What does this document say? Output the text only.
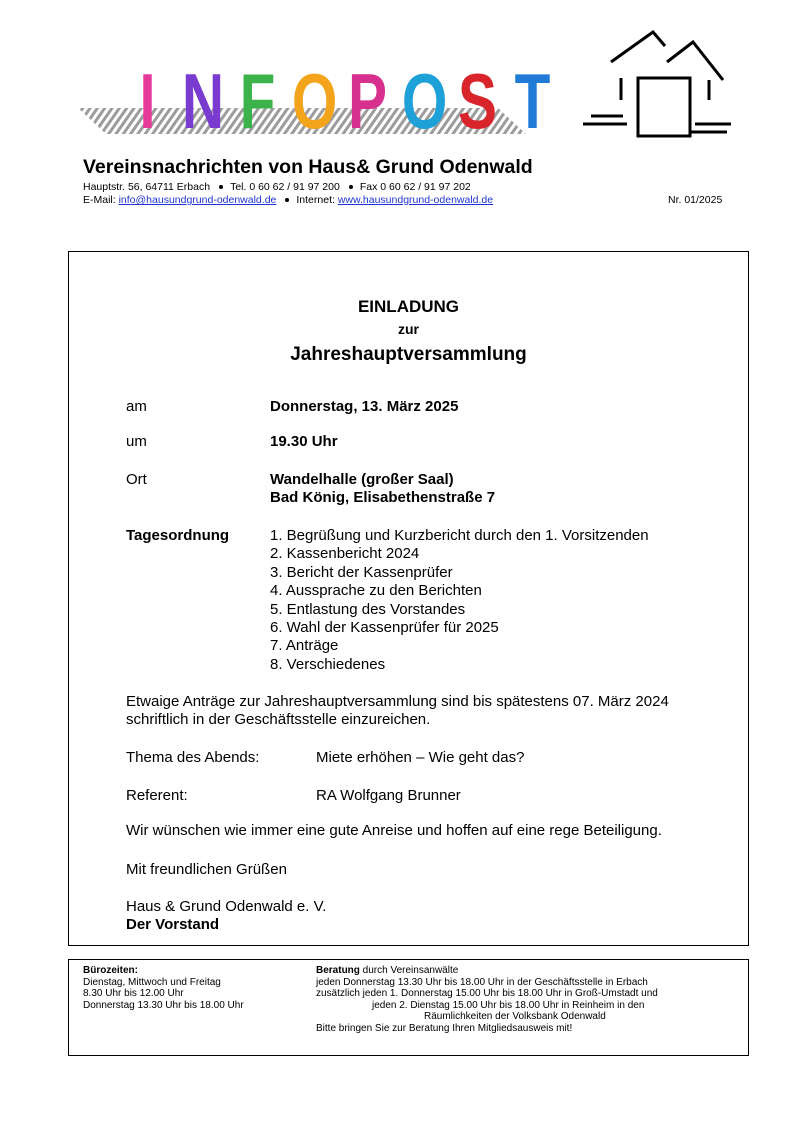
I N F O P O S T
Vereinsnachrichten von Haus& Grund Odenwald
Hauptstr. 56, 64711 Erbach Tel. 0 60 62 / 91 97 200 Fax 0 60 62 / 91 97 202
E-Mail: info@hausundgrund-odenwald.de Internet: www.hausundgrund-odenwald.de	Nr. 01/2025
EINLADUNG
zur
Jahreshauptversammlung
am	Donnerstag, 13. März 2025
um	19.30 Uhr
Ort	Wandelhalle (großer Saal)
Bad König, Elisabethenstraße 7
Tagesordnung	1. Begrüßung und Kurzbericht durch den 1. Vorsitzenden
2. Kassenbericht 2024
3. Bericht der Kassenprüfer
4. Aussprache zu den Berichten
5. Entlastung des Vorstandes
6. Wahl der Kassenprüfer für 2025
7. Anträge
8. Verschiedenes
Etwaige Anträge zur Jahreshauptversammlung sind bis spätestens 07. März 2024
schriftlich in der Geschäftsstelle einzureichen.
Thema des Abends:	Miete erhöhen – Wie geht das?
Referent:	RA Wolfgang Brunner
Wir wünschen wie immer eine gute Anreise und hoffen auf eine rege Beteiligung.
Mit freundlichen Grüßen
Haus & Grund Odenwald e. V.
Der Vorstand
Bürozeiten:
Dienstag, Mittwoch und Freitag
8.30 Uhr bis 12.00 Uhr
Donnerstag 13.30 Uhr bis 18.00 Uhr
Beratung durch Vereinsanwälte
jeden Donnerstag 13.30 Uhr bis 18.00 Uhr in der Geschäftsstelle in Erbach
zusätzlich jeden 1. Donnerstag 15.00 Uhr bis 18.00 Uhr in Groß-Umstadt und
jeden 2. Dienstag 15.00 Uhr bis 18.00 Uhr in Reinheim in den
Räumlichkeiten der Volksbank Odenwald
Bitte bringen Sie zur Beratung Ihren Mitgliedsausweis mit!
